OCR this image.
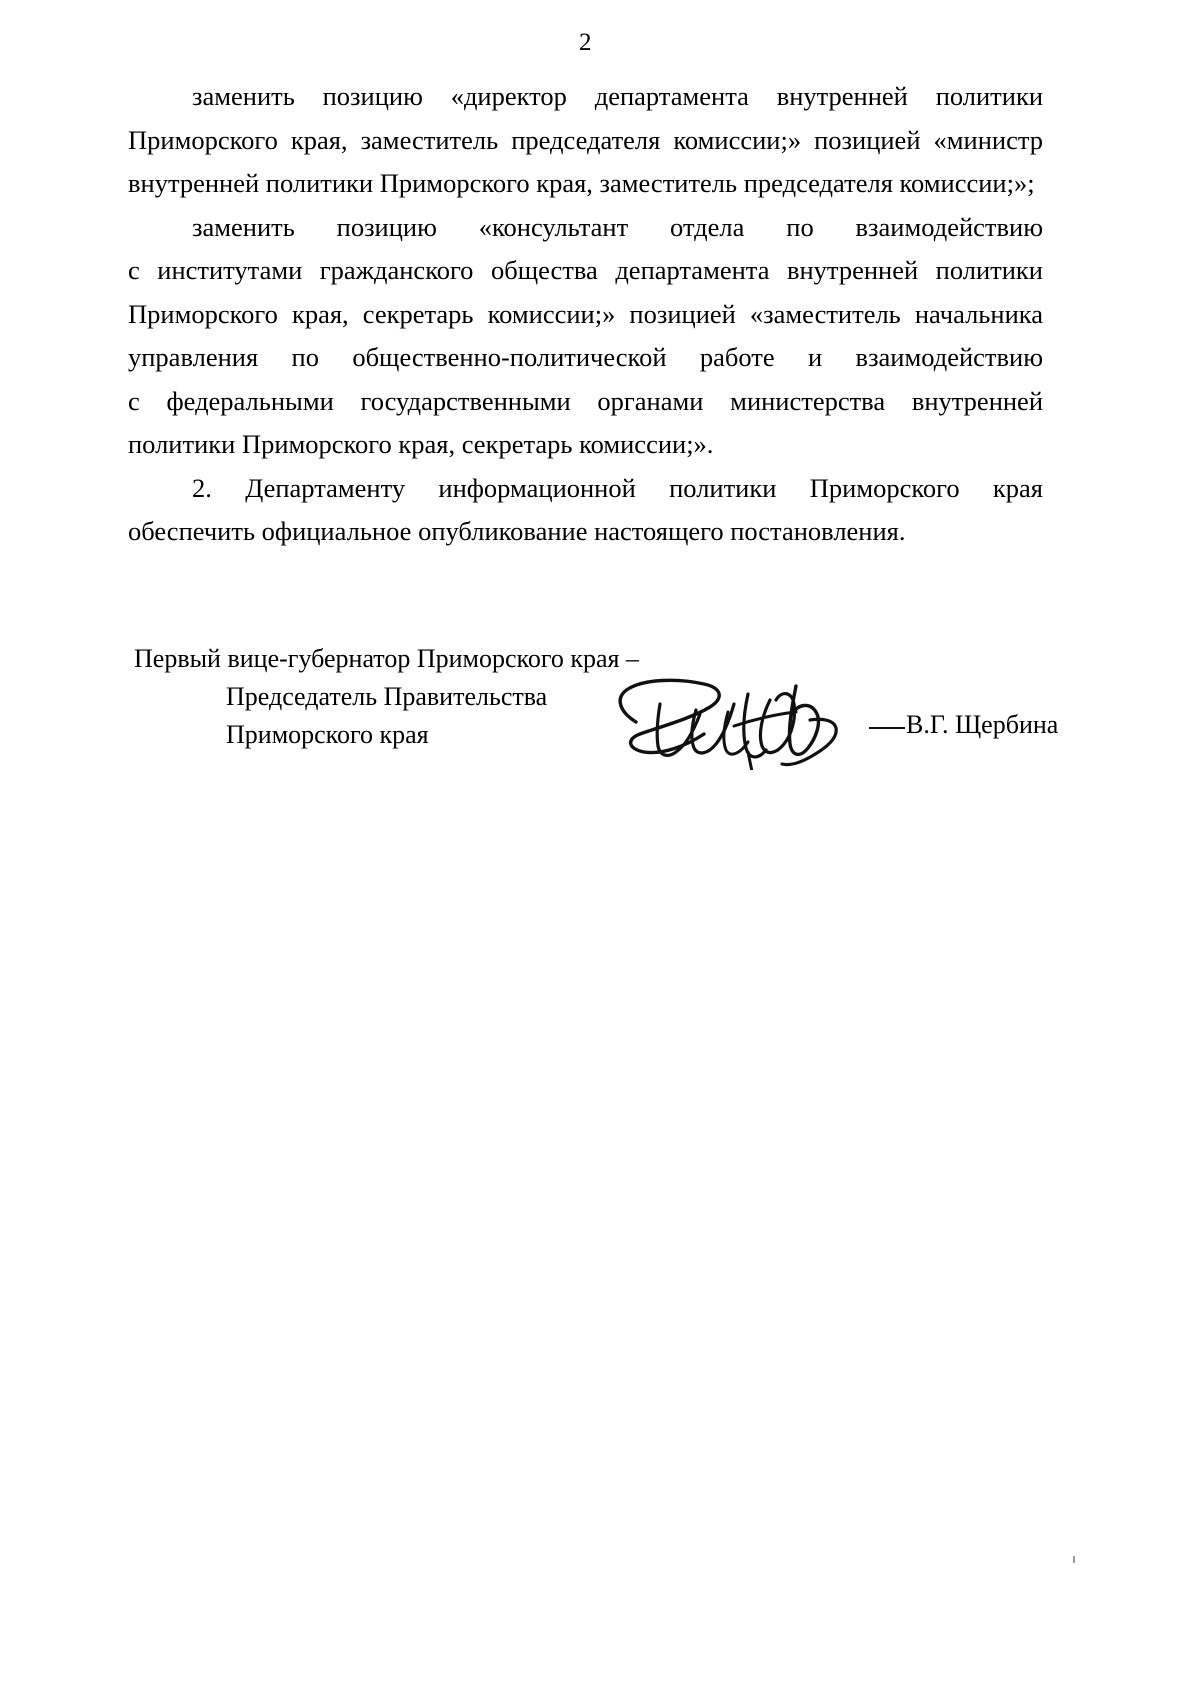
2

заменить позицию «директор департамента внутренней политики
Приморского края, заместитель председателя комиссии;» позицией «министр
внутренней политики Приморского края, заместитель председателя комиссии;»;

заменить позицию «консультант отдела по взаимодействию
с институтами гражданского общества департамента внутренней политики
Приморского края, секретарь комиссии;» позицией «заместитель начальника
управления по общественно-политической работе и взаимодействию
с федеральными государственными органами министерства внутренней
политики Приморского края, секретарь комиссии;».

2. Департаменту информационной политики Приморского края
обеспечить официальное опубликование настоящего постановления.

Первый вице-губернатор Приморского края –
Председатель Правительства
Приморского края	В.Г. Щербина
